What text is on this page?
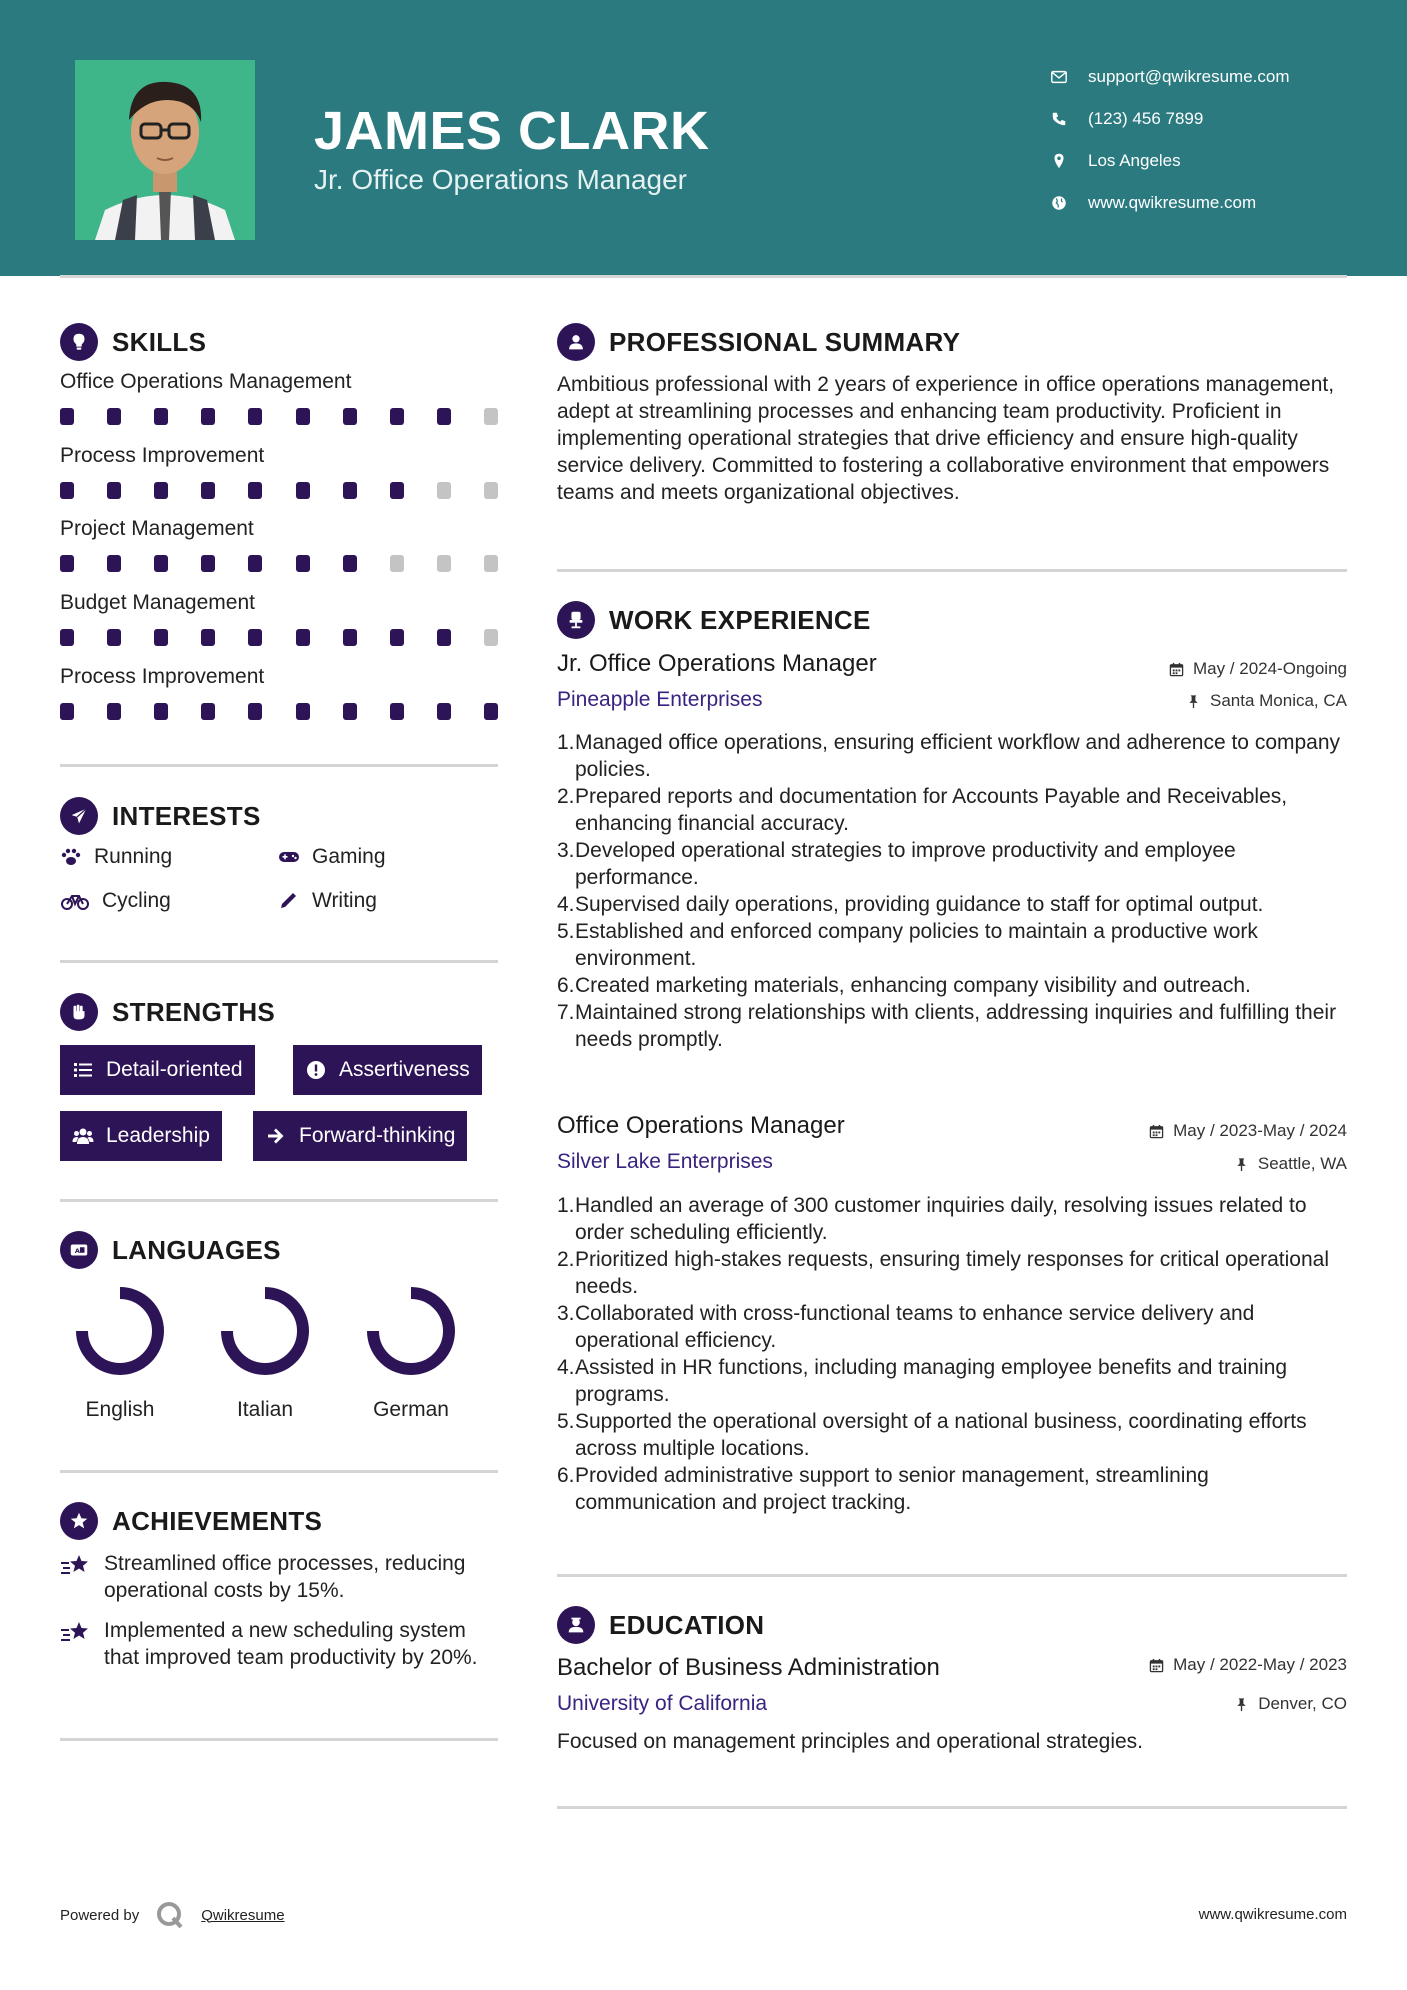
JAMES CLARK
Jr. Office Operations Manager
support@qwikresume.com
(123) 456 7899
Los Angeles
www.qwikresume.com
SKILLS
Office Operations Management
Process Improvement
Project Management
Budget Management
Process Improvement
INTERESTS
Running	Gaming
Cycling	Writing
STRENGTHS
Detail-oriented	Assertiveness
Leadership	Forward-thinking
A LANGUAGES
English	Italian	German
ACHIEVEMENTS
Streamlined office processes, reducing operational costs by 15%.
Implemented a new scheduling system that improved team productivity by 20%.
PROFESSIONAL SUMMARY
Ambitious professional with 2 years of experience in office operations management, adept at streamlining processes and enhancing team productivity. Proficient in implementing operational strategies that drive efficiency and ensure high-quality service delivery. Committed to fostering a collaborative environment that empowers teams and meets organizational objectives.
WORK EXPERIENCE
Jr. Office Operations Manager	May / 2024-Ongoing
Pineapple Enterprises	Santa Monica, CA
1. Managed office operations, ensuring efficient workflow and adherence to company policies.
2. Prepared reports and documentation for Accounts Payable and Receivables, enhancing financial accuracy.
3. Developed operational strategies to improve productivity and employee performance.
4. Supervised daily operations, providing guidance to staff for optimal output.
5. Established and enforced company policies to maintain a productive work environment.
6. Created marketing materials, enhancing company visibility and outreach.
7. Maintained strong relationships with clients, addressing inquiries and fulfilling their needs promptly.
Office Operations Manager	May / 2023-May / 2024
Silver Lake Enterprises	Seattle, WA
1. Handled an average of 300 customer inquiries daily, resolving issues related to order scheduling efficiently.
2. Prioritized high-stakes requests, ensuring timely responses for critical operational needs.
3. Collaborated with cross-functional teams to enhance service delivery and operational efficiency.
4. Assisted in HR functions, including managing employee benefits and training programs.
5. Supported the operational oversight of a national business, coordinating efforts across multiple locations.
6. Provided administrative support to senior management, streamlining communication and project tracking.
EDUCATION
Bachelor of Business Administration	May / 2022-May / 2023
University of California	Denver, CO
Focused on management principles and operational strategies.
Powered by	Qwikresume	www.qwikresume.com
